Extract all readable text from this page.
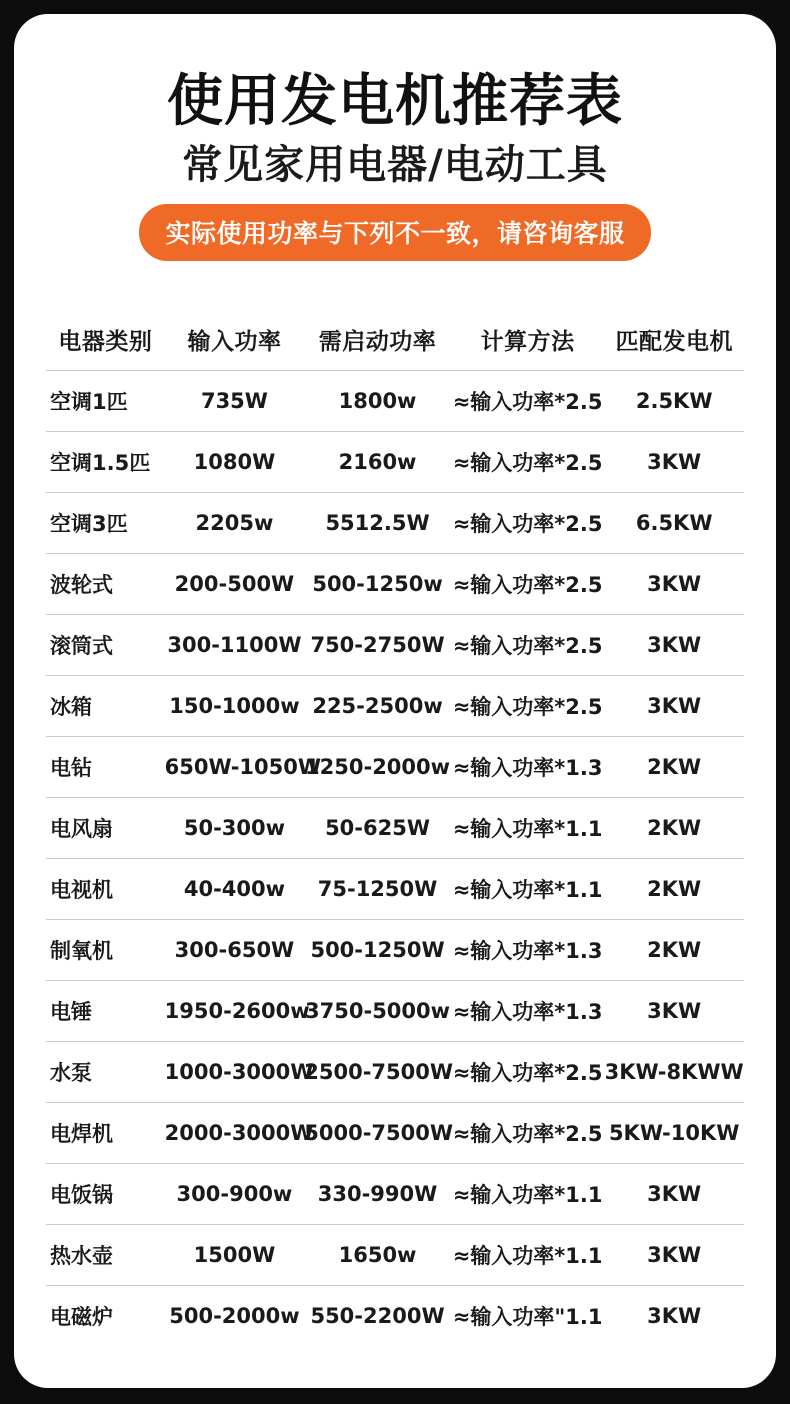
使用发电机推荐表
常见家用电器/电动工具
实际使用功率与下列不一致，请咨询客服
电器类别	输入功率	需启动功率	计算方法	匹配发电机
空调1匹	735W	1800w	≈输入功率*2.5	2.5KW
空调1.5匹	1080W	2160w	≈输入功率*2.5	3KW
空调3匹	2205w	5512.5W	≈输入功率*2.5	6.5KW
波轮式	200-500W	500-1250w	≈输入功率*2.5	3KW
滚筒式	300-1100W	750-2750W	≈输入功率*2.5	3KW
冰箱	150-1000w	225-2500w	≈输入功率*2.5	3KW
电钻	650W-1050W	1250-2000w	≈输入功率*1.3	2KW
电风扇	50-300w	50-625W	≈输入功率*1.1	2KW
电视机	40-400w	75-1250W	≈输入功率*1.1	2KW
制氧机	300-650W	500-1250W	≈输入功率*1.3	2KW
电锤	1950-2600w	3750-5000w	≈输入功率*1.3	3KW
水泵	1000-3000W	2500-7500W	≈输入功率*2.5	3KW-8KWW
电焊机	2000-3000W	5000-7500W	≈输入功率*2.5	5KW-10KW
电饭锅	300-900w	330-990W	≈输入功率*1.1	3KW
热水壶	1500W	1650w	≈输入功率*1.1	3KW
电磁炉	500-2000w	550-2200W	≈输入功率"1.1	3KW
